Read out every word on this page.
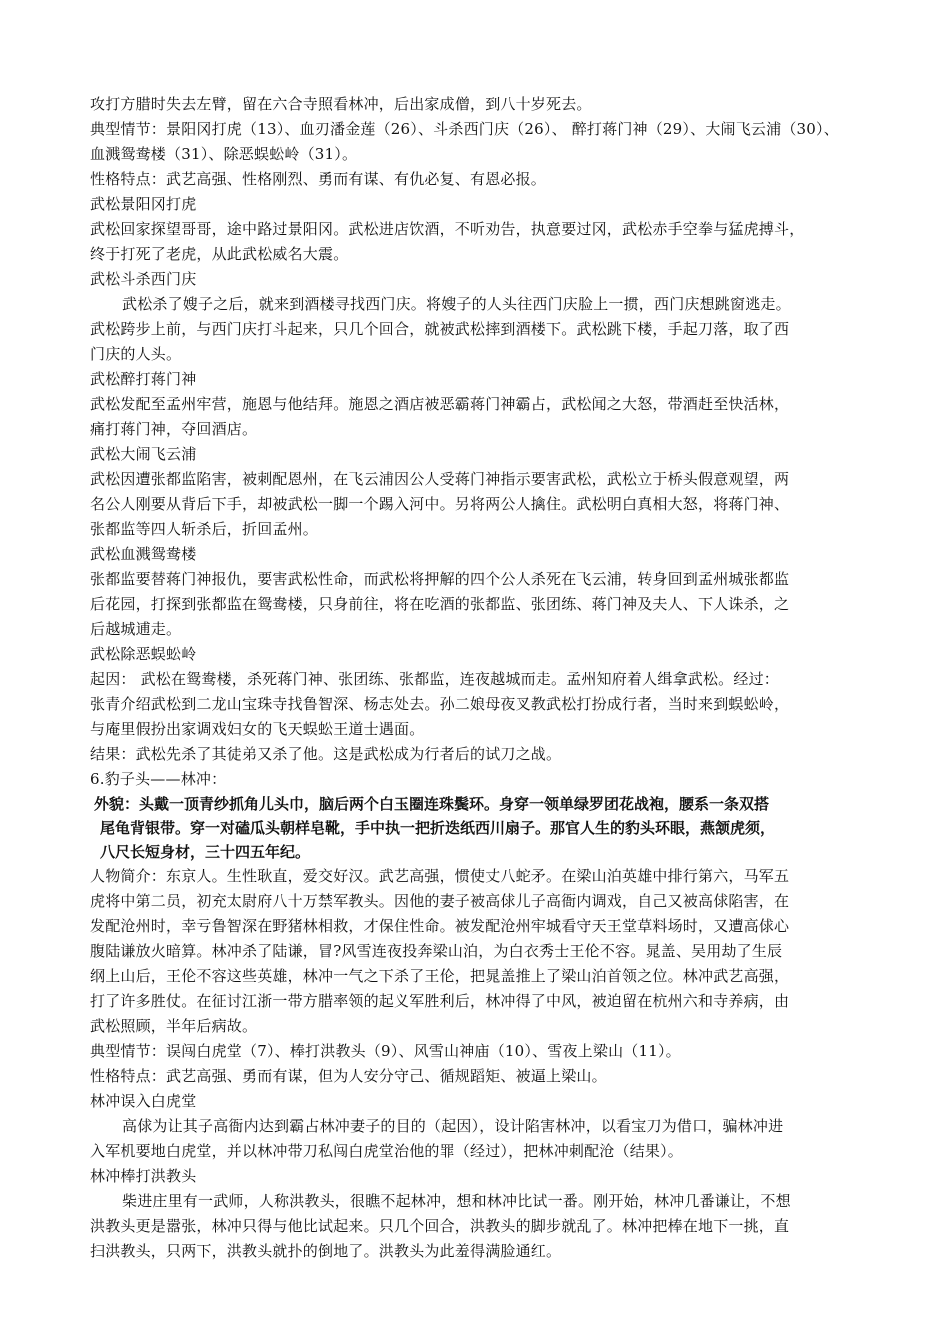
攻打方腊时失去左臂，留在六合寺照看林冲，后出家成僧，到八十岁死去。
典型情节：景阳冈打虎（13）、血刃潘金莲（26）、斗杀西门庆（26）、 醉打蒋门神（29）、大闹飞云浦（30）、
血溅鸳鸯楼（31）、除恶蜈蚣岭（31）。
性格特点：武艺高强、性格刚烈、勇而有谋、有仇必复、有恩必报。
武松景阳冈打虎
武松回家探望哥哥，途中路过景阳冈。武松进店饮酒，不听劝告，执意要过冈，武松赤手空拳与猛虎搏斗，
终于打死了老虎，从此武松威名大震。
武松斗杀西门庆
武松杀了嫂子之后，就来到酒楼寻找西门庆。将嫂子的人头往西门庆脸上一掼，西门庆想跳窗逃走。
武松跨步上前，与西门庆打斗起来，只几个回合，就被武松摔到酒楼下。武松跳下楼，手起刀落，取了西
门庆的人头。
武松醉打蒋门神
武松发配至孟州牢营，施恩与他结拜。施恩之酒店被恶霸蒋门神霸占，武松闻之大怒，带酒赶至快活林，
痛打蒋门神，夺回酒店。
武松大闹飞云浦
武松因遭张都监陷害，被刺配恩州，在飞云浦因公人受蒋门神指示要害武松，武松立于桥头假意观望，两
名公人刚要从背后下手，却被武松一脚一个踢入河中。另将两公人擒住。武松明白真相大怒，将蒋门神、
张都监等四人斩杀后，折回孟州。
武松血溅鸳鸯楼
张都监要替蒋门神报仇，要害武松性命，而武松将押解的四个公人杀死在飞云浦，转身回到孟州城张都监
后花园，打探到张都监在鸳鸯楼，只身前往，将在吃酒的张都监、张团练、蒋门神及夫人、下人诛杀，之
后越城逋走。
武松除恶蜈蚣岭
起因： 武松在鸳鸯楼，杀死蒋门神、张团练、张都监，连夜越城而走。孟州知府着人缉拿武松。经过：
张青介绍武松到二龙山宝珠寺找鲁智深、杨志处去。孙二娘母夜叉教武松打扮成行者，当时来到蜈蚣岭，
与庵里假扮出家调戏妇女的飞天蜈蚣王道士遇面。
结果：武松先杀了其徒弟又杀了他。这是武松成为行者后的试刀之战。
6.豹子头——林冲：
外貌：头戴一顶青纱抓角儿头巾，脑后两个白玉圈连珠鬓环。身穿一领单绿罗团花战袍，腰系一条双搭
尾龟背银带。穿一对磕瓜头朝样皂靴，手中执一把折迭纸西川扇子。那官人生的豹头环眼，燕颔虎须，
八尺长短身材，三十四五年纪。
人物简介：东京人。生性耿直，爱交好汉。武艺高强，惯使丈八蛇矛。在梁山泊英雄中排行第六，马军五
虎将中第二员，初充太尉府八十万禁军教头。因他的妻子被高俅儿子高衙内调戏，自己又被高俅陷害，在
发配沧州时，幸亏鲁智深在野猪林相救，才保住性命。被发配沧州牢城看守天王堂草料场时，又遭高俅心
腹陆谦放火暗算。林冲杀了陆谦，冒?风雪连夜投奔梁山泊，为白衣秀士王伦不容。晁盖、吴用劫了生辰
纲上山后，王伦不容这些英雄，林冲一气之下杀了王伦，把晁盖推上了梁山泊首领之位。林冲武艺高强，
打了许多胜仗。在征讨江浙一带方腊率领的起义军胜利后，林冲得了中风，被迫留在杭州六和寺养病，由
武松照顾，半年后病故。
典型情节：误闯白虎堂（7）、棒打洪教头（9）、风雪山神庙（10）、雪夜上梁山（11）。
性格特点：武艺高强、勇而有谋，但为人安分守己、循规蹈矩、被逼上梁山。
林冲误入白虎堂
高俅为让其子高衙内达到霸占林冲妻子的目的（起因），设计陷害林冲，以看宝刀为借口，骗林冲进
入军机要地白虎堂，并以林冲带刀私闯白虎堂治他的罪（经过），把林冲刺配沧（结果）。
林冲棒打洪教头
柴进庄里有一武师，人称洪教头，很瞧不起林冲，想和林冲比试一番。刚开始，林冲几番谦让，不想
洪教头更是嚣张，林冲只得与他比试起来。只几个回合，洪教头的脚步就乱了。林冲把棒在地下一挑，直
扫洪教头，只两下，洪教头就扑的倒地了。洪教头为此羞得满脸通红。
